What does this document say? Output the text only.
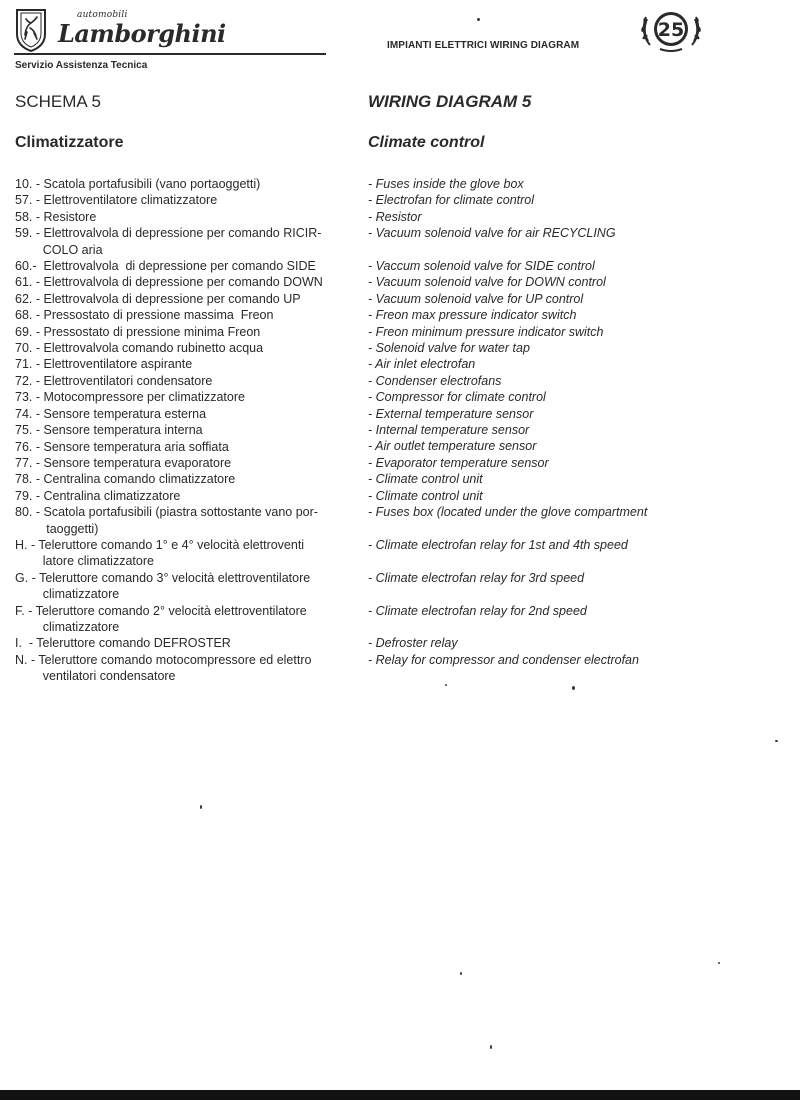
automobili
Lamborghini
Servizio Assistenza Tecnica
IMPIANTI ELETTRICI WIRING DIAGRAM
25
SCHEMA 5
Climatizzatore
10. - Scatola portafusibili (vano portaoggetti)
57. - Elettroventilatore climatizzatore
58. - Resistore
59. - Elettrovalvola di depressione per comando RICIR-
COLO aria
60.-  Elettrovalvola  di depressione per comando SIDE
61. - Elettrovalvola di depressione per comando DOWN
62. - Elettrovalvola di depressione per comando UP
68. - Pressostato di pressione massima  Freon
69. - Pressostato di pressione minima Freon
70. - Elettrovalvola comando rubinetto acqua
71. - Elettroventilatore aspirante
72. - Elettroventilatori condensatore
73. - Motocompressore per climatizzatore
74. - Sensore temperatura esterna
75. - Sensore temperatura interna
76. - Sensore temperatura aria soffiata
77. - Sensore temperatura evaporatore
78. - Centralina comando climatizzatore
79. - Centralina climatizzatore
80. - Scatola portafusibili (piastra sottostante vano por-
taoggetti)
H. - Teleruttore comando 1° e 4° velocità elettroventi
latore climatizzatore
G. - Teleruttore comando 3° velocità elettroventilatore
climatizzatore
F. - Teleruttore comando 2° velocità elettroventilatore
climatizzatore
I.  - Teleruttore comando DEFROSTER
N. - Teleruttore comando motocompressore ed elettro
ventilatori condensatore
WIRING DIAGRAM 5
Climate control
- Fuses inside the glove box
- Electrofan for climate control
- Resistor
- Vacuum solenoid valve for air RECYCLING
- Vaccum solenoid valve for SIDE control
- Vacuum solenoid valve for DOWN control
- Vacuum solenoid valve for UP control
- Freon max pressure indicator switch
- Freon minimum pressure indicator switch
- Solenoid valve for water tap
- Air inlet electrofan
- Condenser electrofans
- Compressor for climate control
- External temperature sensor
- Internal temperature sensor
- Air outlet temperature sensor
- Evaporator temperature sensor
- Climate control unit
- Climate control unit
- Fuses box (located under the glove compartment
- Climate electrofan relay for 1st and 4th speed
- Climate electrofan relay for 3rd speed
- Climate electrofan relay for 2nd speed
- Defroster relay
- Relay for compressor and condenser electrofan
